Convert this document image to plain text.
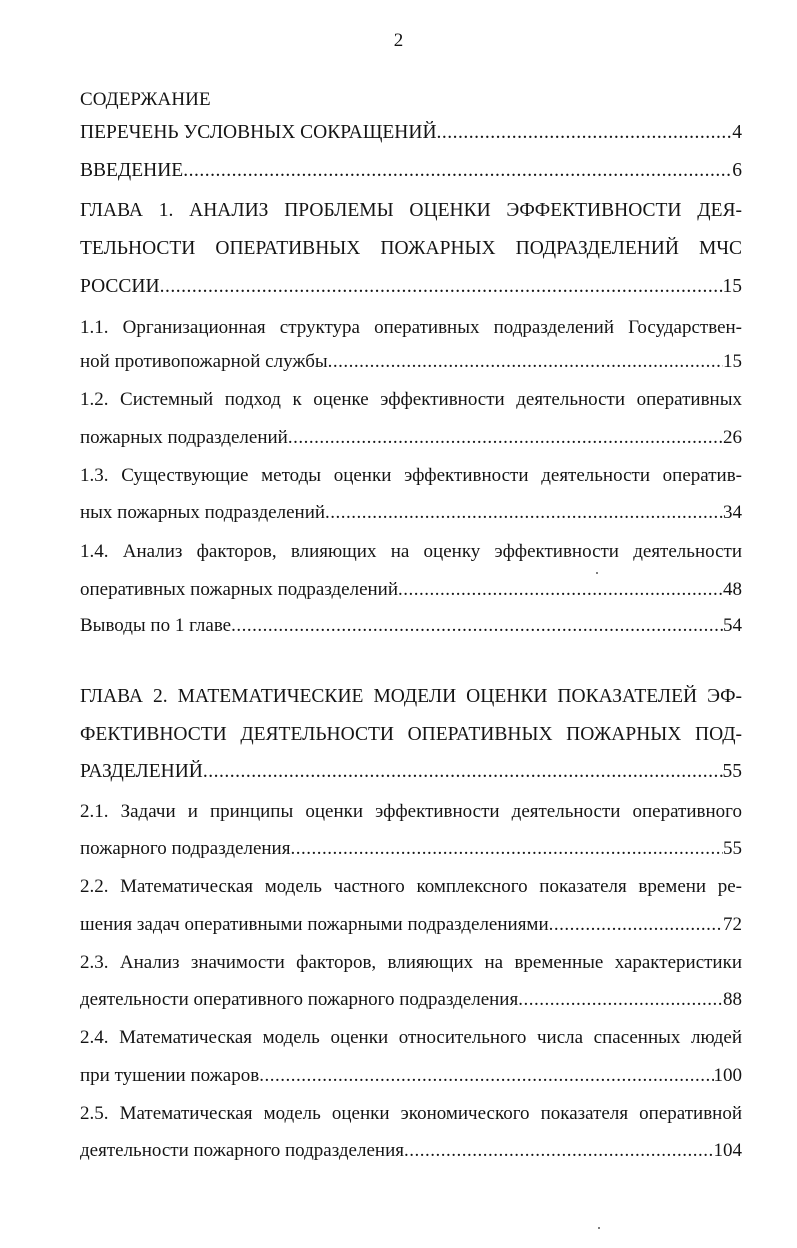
2
СОДЕРЖАНИЕ
ПЕРЕЧЕНЬ УСЛОВНЫХ СОКРАЩЕНИЙ .....	4
ВВЕДЕНИЕ .....	6
ГЛАВА 1. АНАЛИЗ ПРОБЛЕМЫ ОЦЕНКИ ЭФФЕКТИВНОСТИ ДЕЯ-
ТЕЛЬНОСТИ ОПЕРАТИВНЫХ ПОЖАРНЫХ ПОДРАЗДЕЛЕНИЙ МЧС
РОССИИ .....	15
1.1. Организационная структура оперативных подразделений Государствен-
ной противопожарной службы .....	15
1.2. Системный подход к оценке эффективности деятельности оперативных
пожарных подразделений .....	26
1.3. Существующие методы оценки эффективности деятельности оператив-
ных пожарных подразделений .....	34
1.4. Анализ факторов, влияющих на оценку эффективности деятельности
оперативных пожарных подразделений .....	48
Выводы по 1 главе .....	54
ГЛАВА 2. МАТЕМАТИЧЕСКИЕ МОДЕЛИ ОЦЕНКИ ПОКАЗАТЕЛЕЙ ЭФ-
ФЕКТИВНОСТИ ДЕЯТЕЛЬНОСТИ ОПЕРАТИВНЫХ ПОЖАРНЫХ ПОД-
РАЗДЕЛЕНИЙ .....	55
2.1. Задачи и принципы оценки эффективности деятельности оперативного
пожарного подразделения .....	55
2.2. Математическая модель частного комплексного показателя времени ре-
шения задач оперативными пожарными подразделениями .....	72
2.3. Анализ значимости факторов, влияющих на временные характеристики
деятельности оперативного пожарного подразделения .....	88
2.4. Математическая модель оценки относительного числа спасенных людей
при тушении пожаров .....	100
2.5. Математическая модель оценки экономического показателя оперативной
деятельности пожарного подразделения .....	104
